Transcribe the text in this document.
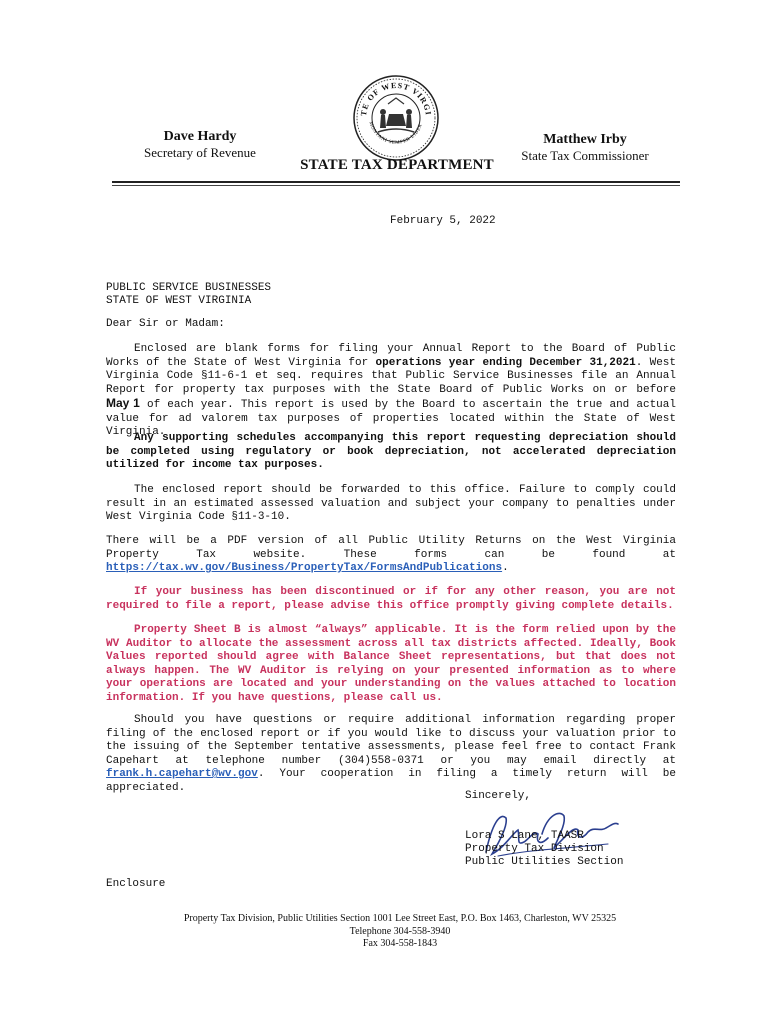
TE OF WEST VIRGI
MONTANI SEMPER LIBER
Dave Hardy
Secretary of Revenue
Matthew Irby
State Tax Commissioner
STATE TAX DEPARTMENT
February 5, 2022
PUBLIC SERVICE BUSINESSES
STATE OF WEST VIRGINIA
Dear Sir or Madam:
Enclosed are blank forms for filing your Annual Report to the Board of Public Works of the State of West Virginia for operations year ending December 31,2021. West Virginia Code §11-6-1 et seq. requires that Public Service Businesses file an Annual Report for property tax purposes with the State Board of Public Works on or before May 1 of each year. This report is used by the Board to ascertain the true and actual value for ad valorem tax purposes of properties located within the State of West Virginia.
Any supporting schedules accompanying this report requesting depreciation should be completed using regulatory or book depreciation, not accelerated depreciation utilized for income tax purposes.
The enclosed report should be forwarded to this office. Failure to comply could result in an estimated assessed valuation and subject your company to penalties under West Virginia Code §11-3-10.
There will be a PDF version of all Public Utility Returns on the West Virginia Property Tax website. These forms can be found at https://tax.wv.gov/Business/PropertyTax/FormsAndPublications.
If your business has been discontinued or if for any other reason, you are not required to file a report, please advise this office promptly giving complete details.
Property Sheet B is almost “always” applicable. It is the form relied upon by the WV Auditor to allocate the assessment across all tax districts affected. Ideally, Book Values reported should agree with Balance Sheet representations, but that does not always happen. The WV Auditor is relying on your presented information as to where your operations are located and your understanding on the values attached to location information. If you have questions, please call us.
Should you have questions or require additional information regarding proper filing of the enclosed report or if you would like to discuss your valuation prior to the issuing of the September tentative assessments, please feel free to contact Frank Capehart at telephone number (304)558-0371 or you may email directly at frank.h.capehart@wv.gov. Your cooperation in filing a timely return will be appreciated.
Sincerely,
Lora S Lane, TAASR
Property Tax Division
Public Utilities Section
Enclosure
Property Tax Division, Public Utilities Section 1001 Lee Street East, P.O. Box 1463, Charleston, WV 25325
Telephone 304-558-3940
Fax 304-558-1843
